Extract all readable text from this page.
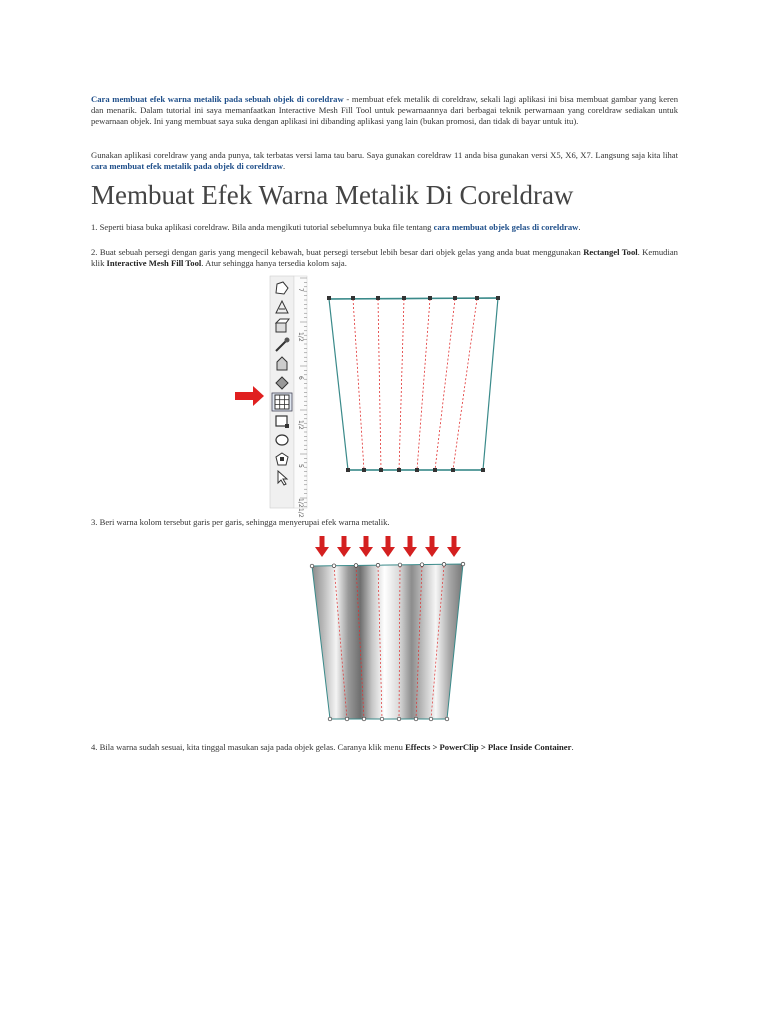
Cara membuat efek warna metalik pada sebuah objek di coreldraw - membuat efek metalik di coreldraw, sekali lagi aplikasi ini bisa membuat gambar yang keren dan menarik. Dalam tutorial ini saya memanfaatkan Interactive Mesh Fill Tool untuk pewarnaannya dari berbagai teknik perwarnaan yang coreldraw sediakan untuk pewarnaan objek. Ini yang membuat saya suka dengan aplikasi ini dibanding aplikasi yang lain (bukan promosi, dan tidak di bayar untuk itu).

Gunakan aplikasi coreldraw yang anda punya, tak terbatas versi lama tau baru. Saya gunakan coreldraw 11 anda bisa gunakan versi X5, X6, X7. Langsung saja kita lihat cara membuat efek metalik pada objek di coreldraw.

Membuat Efek Warna Metalik Di Coreldraw

1. Seperti biasa buka aplikasi coreldraw. Bila anda mengikuti tutorial sebelumnya buka file tentang cara membuat objek gelas di coreldraw.

2. Buat sebuah persegi dengan garis yang mengecil kebawah, buat persegi tersebut lebih besar dari objek gelas yang anda buat menggunakan Rectangel Tool. Kemudian klik Interactive Mesh Fill Tool. Atur sehingga hanya tersedia kolom saja.

3. Beri warna kolom tersebut garis per garis, sehingga menyerupai efek warna metalik.

4. Bila warna sudah sesuai, kita tinggal masukan saja pada objek gelas. Caranya klik menu Effects > PowerClip > Place Inside Container.

7
1/2
6
1/2
5
1/2
1/2
